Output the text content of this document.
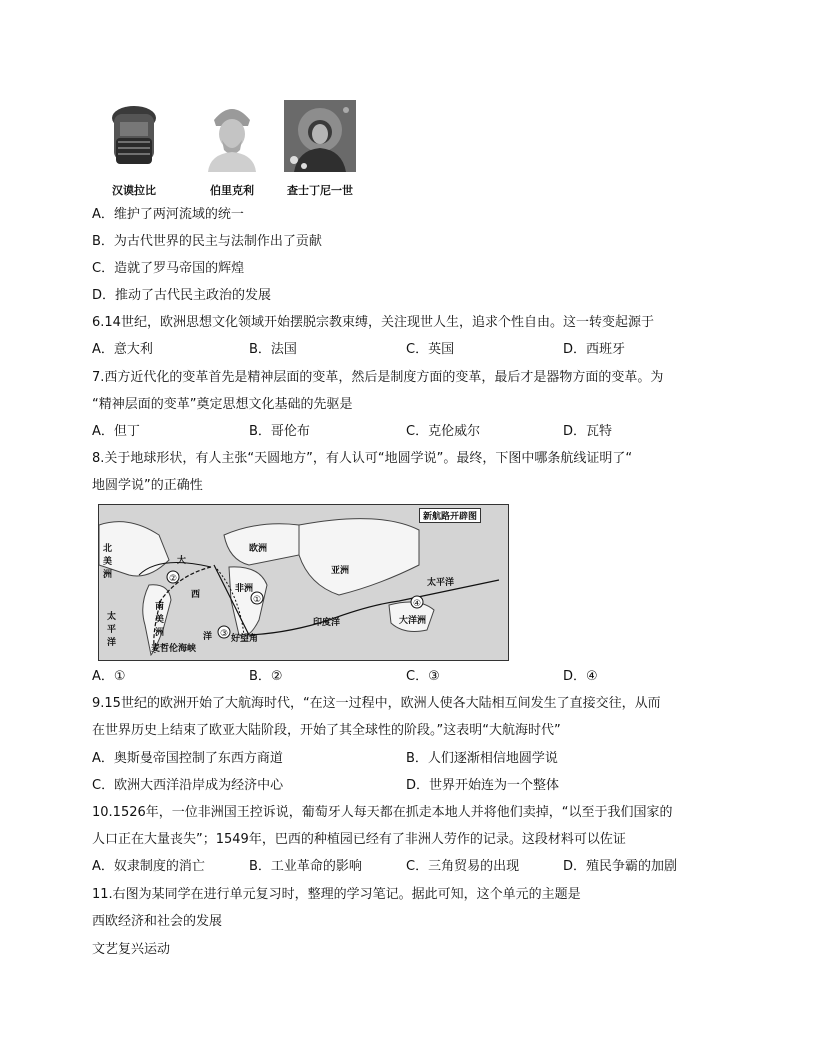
汉谟拉比	伯里克利	查士丁尼一世
A．维护了两河流域的统一
B．为古代世界的民主与法制作出了贡献
C．造就了罗马帝国的辉煌
D．推动了古代民主政治的发展
6.14世纪，欧洲思想文化领域开始摆脱宗教束缚，关注现世人生，追求个性自由。这一转变起源于
A．意大利	B．法国	C．英国	D．西班牙
7.西方近代化的变革首先是精神层面的变革，然后是制度方面的变革，最后才是器物方面的变革。为
“精神层面的变革”奠定思想文化基础的先驱是
A．但丁	B．哥伦布	C．克伦威尔	D．瓦特
8.关于地球形状，有人主张“天圆地方”，有人认可“地圆学说”。最终，下图中哪条航线证明了“
地圆学说”的正确性
①
②
③
④
新航路开辟图
北美洲
大
欧洲
亚洲
太平洋
西
非洲
南美洲
印度洋	大洋洲
太平洋
洋 好望角
麦哲伦海峡
A．①	B．②	C．③	D．④
9.15世纪的欧洲开始了大航海时代，“在这一过程中，欧洲人使各大陆相互间发生了直接交往，从而
在世界历史上结束了欧亚大陆阶段，开始了其全球性的阶段。”这表明“大航海时代”
A．奥斯曼帝国控制了东西方商道	B．人们逐渐相信地圆学说
C．欧洲大西洋沿岸成为经济中心	D．世界开始连为一个整体
10.1526年，一位非洲国王控诉说，葡萄牙人每天都在抓走本地人并将他们卖掉，“以至于我们国家的
人口正在大量丧失”；1549年，巴西的种植园已经有了非洲人劳作的记录。这段材料可以佐证
A．奴隶制度的消亡	B．工业革命的影响	C．三角贸易的出现	D．殖民争霸的加剧
11.右图为某同学在进行单元复习时，整理的学习笔记。据此可知，这个单元的主题是
西欧经济和社会的发展
文艺复兴运动
